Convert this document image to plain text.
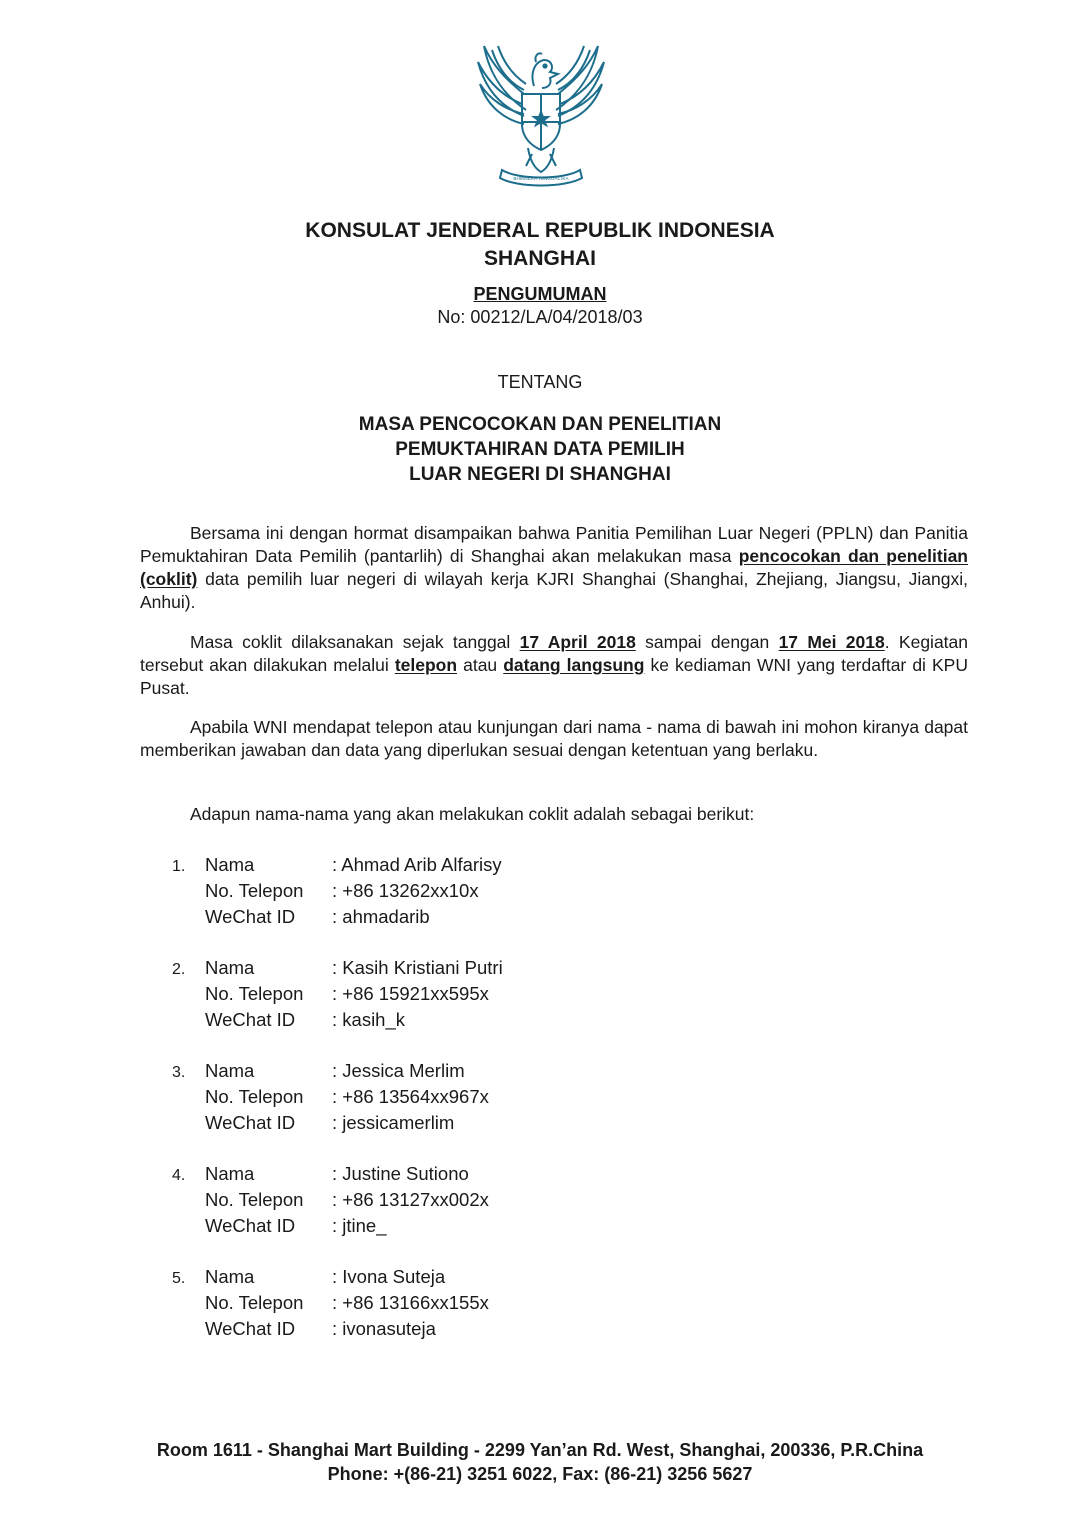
BHINNEKA TUNGGAL IKA
KONSULAT JENDERAL REPUBLIK INDONESIA
SHANGHAI
PENGUMUMAN
No: 00212/LA/04/2018/03
TENTANG
MASA PENCOCOKAN DAN PENELITIAN
PEMUKTAHIRAN DATA PEMILIH
LUAR NEGERI DI SHANGHAI
Bersama ini dengan hormat disampaikan bahwa Panitia Pemilihan Luar Negeri (PPLN) dan Panitia Pemuktahiran Data Pemilih (pantarlih) di Shanghai akan melakukan masa pencocokan dan penelitian (coklit) data pemilih luar negeri di wilayah kerja KJRI Shanghai (Shanghai, Zhejiang, Jiangsu, Jiangxi, Anhui).
Masa coklit dilaksanakan sejak tanggal 17 April 2018 sampai dengan 17 Mei 2018. Kegiatan tersebut akan dilakukan melalui telepon atau datang langsung ke kediaman WNI yang terdaftar di KPU Pusat.
Apabila WNI mendapat telepon atau kunjungan dari nama - nama di bawah ini mohon kiranya dapat memberikan jawaban dan data yang diperlukan sesuai dengan ketentuan yang berlaku.
Adapun nama-nama yang akan melakukan coklit adalah sebagai berikut:
1.	Nama	: Ahmad Arib Alfarisy
No. Telepon : +86 13262xx10x
WeChat ID : ahmadarib
2.	Nama	: Kasih Kristiani Putri
No. Telepon : +86 15921xx595x
WeChat ID : kasih_k
3.	Nama	: Jessica Merlim
No. Telepon : +86 13564xx967x
WeChat ID : jessicamerlim
4.	Nama	: Justine Sutiono
No. Telepon : +86 13127xx002x
WeChat ID : jtine_
5.	Nama	: Ivona Suteja
No. Telepon : +86 13166xx155x
WeChat ID : ivonasuteja
Room 1611 - Shanghai Mart Building - 2299 Yan’an Rd. West, Shanghai, 200336, P.R.China
Phone: +(86-21) 3251 6022, Fax: (86-21) 3256 5627
